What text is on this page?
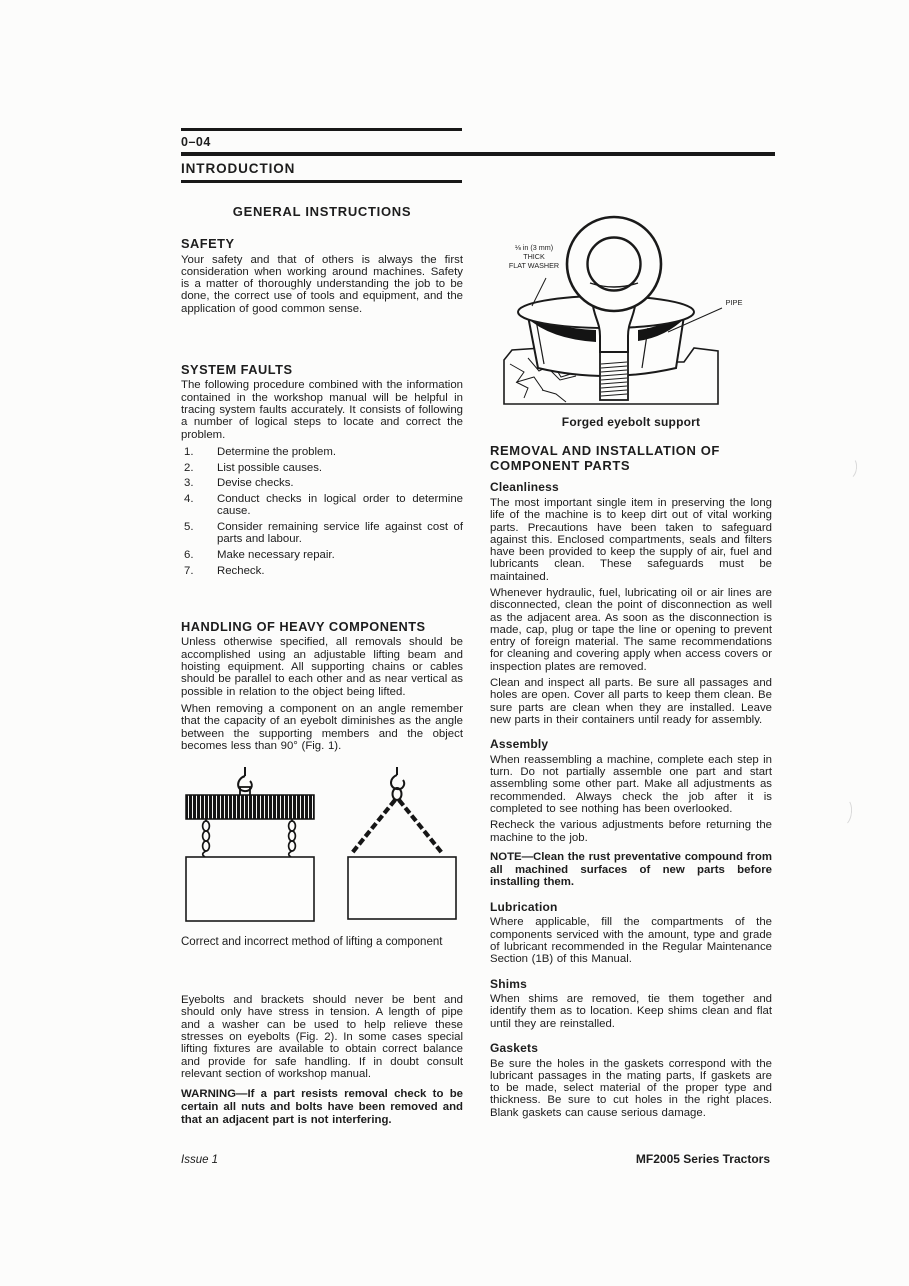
0–04
INTRODUCTION
GENERAL INSTRUCTIONS
SAFETY

Your safety and that of others is always the first consideration when working around machines. Safety is a matter of thoroughly understanding the job to be done, the correct use of tools and equipment, and the application of good common sense.

SYSTEM FAULTS

The following procedure combined with the information contained in the workshop manual will be helpful in tracing system faults accurately. It consists of following a number of logical steps to locate and correct the problem.

Determine the problem.
List possible causes.
Devise checks.
Conduct checks in logical order to determine cause.
Consider remaining service life against cost of parts and labour.
Make necessary repair.
Recheck.
HANDLING OF HEAVY COMPONENTS

Unless otherwise specified, all removals should be accomplished using an adjustable lifting beam and hoisting equipment. All supporting chains or cables should be parallel to each other and as near vertical as possible in relation to the object being lifted.

When removing a component on an angle remember that the capacity of an eyebolt diminishes as the angle between the supporting members and the object becomes less than 90° (Fig. 1).

Correct and incorrect method of lifting a component

Eyebolts and brackets should never be bent and should only have stress in tension. A length of pipe and a washer can be used to help relieve these stresses on eyebolts (Fig. 2). In some cases special lifting fixtures are available to obtain correct balance and provide for safe handling. If in doubt consult relevant section of workshop manual.

WARNING—If a part resists removal check to be certain all nuts and bolts have been removed and that an adjacent part is not interfering.

⅛ in (3 mm)
THICK
FLAT WASHER
PIPE

Forged eyebolt support

REMOVAL AND INSTALLATION OF COMPONENT PARTS
Cleanliness

The most important single item in preserving the long life of the machine is to keep dirt out of vital working parts. Precautions have been taken to safeguard against this. Enclosed compartments, seals and filters have been provided to keep the supply of air, fuel and lubricants clean. These safeguards must be maintained.

Whenever hydraulic, fuel, lubricating oil or air lines are disconnected, clean the point of disconnection as well as the adjacent area. As soon as the disconnection is made, cap, plug or tape the line or opening to prevent entry of foreign material. The same recommendations for cleaning and covering apply when access covers or inspection plates are removed.

Clean and inspect all parts. Be sure all passages and holes are open. Cover all parts to keep them clean. Be sure parts are clean when they are installed. Leave new parts in their containers until ready for assembly.

Assembly

When reassembling a machine, complete each step in turn. Do not partially assemble one part and start assembling some other part. Make all adjustments as recommended. Always check the job after it is completed to see nothing has been overlooked.

Recheck the various adjustments before returning the machine to the job.

NOTE—Clean the rust preventative compound from all machined surfaces of new parts before installing them.

Lubrication

Where applicable, fill the compartments of the components serviced with the amount, type and grade of lubricant recommended in the Regular Maintenance Section (1B) of this Manual.

Shims

When shims are removed, tie them together and identify them as to location. Keep shims clean and flat until they are reinstalled.

Gaskets

Be sure the holes in the gaskets correspond with the lubricant passages in the mating parts, If gaskets are to be made, select material of the proper type and thickness. Be sure to cut holes in the right places. Blank gaskets can cause serious damage.

Issue 1	MF2005 Series Tractors
